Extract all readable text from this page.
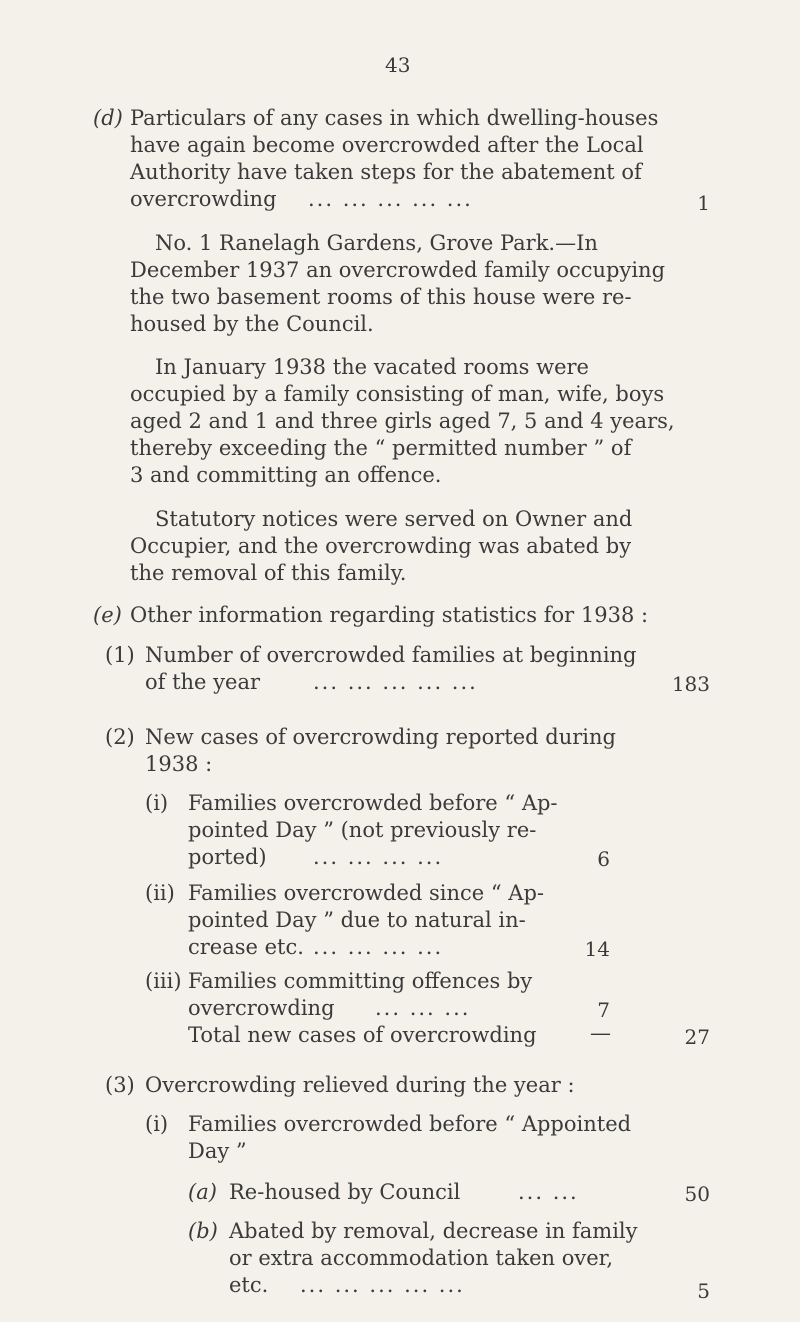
43
(d) Particulars of any cases in which dwelling-houses
have again become overcrowded after the Local
Authority have taken steps for the abatement of
overcrowding ... ... ... ... ...	1
No. 1 Ranelagh Gardens, Grove Park.—In
December 1937 an overcrowded family occupying
the two basement rooms of this house were re-
housed by the Council.
In January 1938 the vacated rooms were
occupied by a family consisting of man, wife, boys
aged 2 and 1 and three girls aged 7, 5 and 4 years,
thereby exceeding the “ permitted number ” of
3 and committing an offence.
Statutory notices were served on Owner and
Occupier, and the overcrowding was abated by
the removal of this family.
(e) Other information regarding statistics for 1938 :
(1) Number of overcrowded families at beginning
of the year	... ... ... ... ...	183
(2) New cases of overcrowding reported during
1938 :
(i) Families overcrowded before “ Ap-
pointed Day ” (not previously re-
ported) ... ... ... ...	6
(ii) Families overcrowded since “ Ap-
pointed Day ” due to natural in-
crease etc. ... ... ... ...	14
(iii) Families committing offences by
overcrowding ... ... ...	7
Total new cases of overcrowding	—	27
(3) Overcrowding relieved during the year :
(i) Families overcrowded before “ Appointed
Day ”
(a) Re-housed by Council	... ...	50
(b) Abated by removal, decrease in family
or extra accommodation taken over,
etc. ... ... ... ... ...	5
